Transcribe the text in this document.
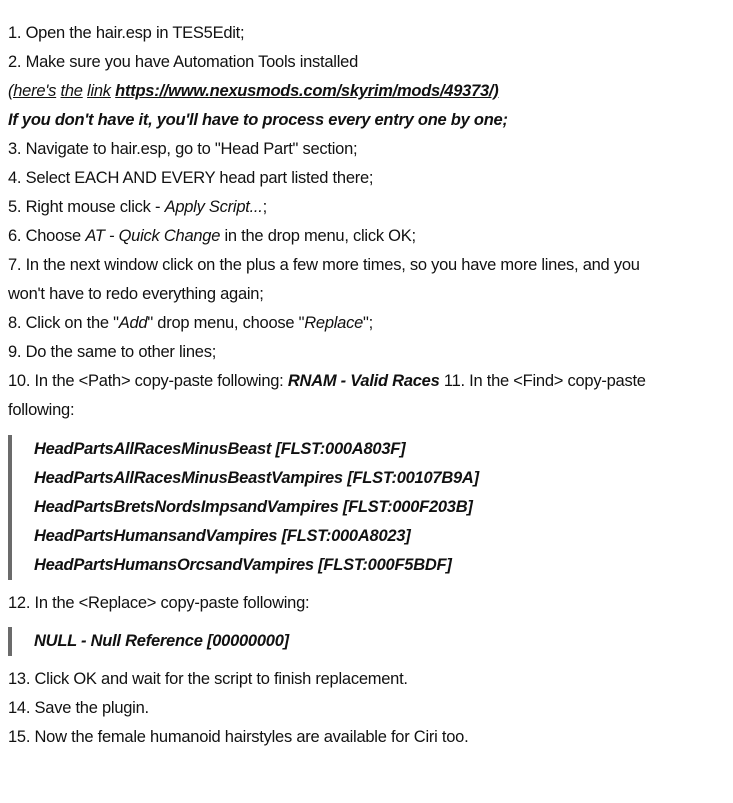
1. Open the hair.esp in TES5Edit;
2. Make sure you have Automation Tools installed
(here's the link https://www.nexusmods.com/skyrim/mods/49373/)
If you don't have it, you'll have to process every entry one by one;
3. Navigate to hair.esp, go to "Head Part" section;
4. Select EACH AND EVERY head part listed there;
5. Right mouse click - Apply Script...;
6. Choose AT - Quick Change in the drop menu, click OK;
7. In the next window click on the plus a few more times, so you have more lines, and you
won't have to redo everything again;
8. Click on the "Add" drop menu, choose "Replace";
9. Do the same to other lines;
10. In the <Path> copy-paste following: RNAM - Valid Races 11. In the <Find> copy-paste
following:
HeadPartsAllRacesMinusBeast [FLST:000A803F]
HeadPartsAllRacesMinusBeastVampires [FLST:00107B9A]
HeadPartsBretsNordsImpsandVampires [FLST:000F203B]
HeadPartsHumansandVampires [FLST:000A8023]
HeadPartsHumansOrcsandVampires [FLST:000F5BDF]
12. In the <Replace> copy-paste following:
NULL - Null Reference [00000000]
13. Click OK and wait for the script to finish replacement.
14. Save the plugin.
15. Now the female humanoid hairstyles are available for Ciri too.
